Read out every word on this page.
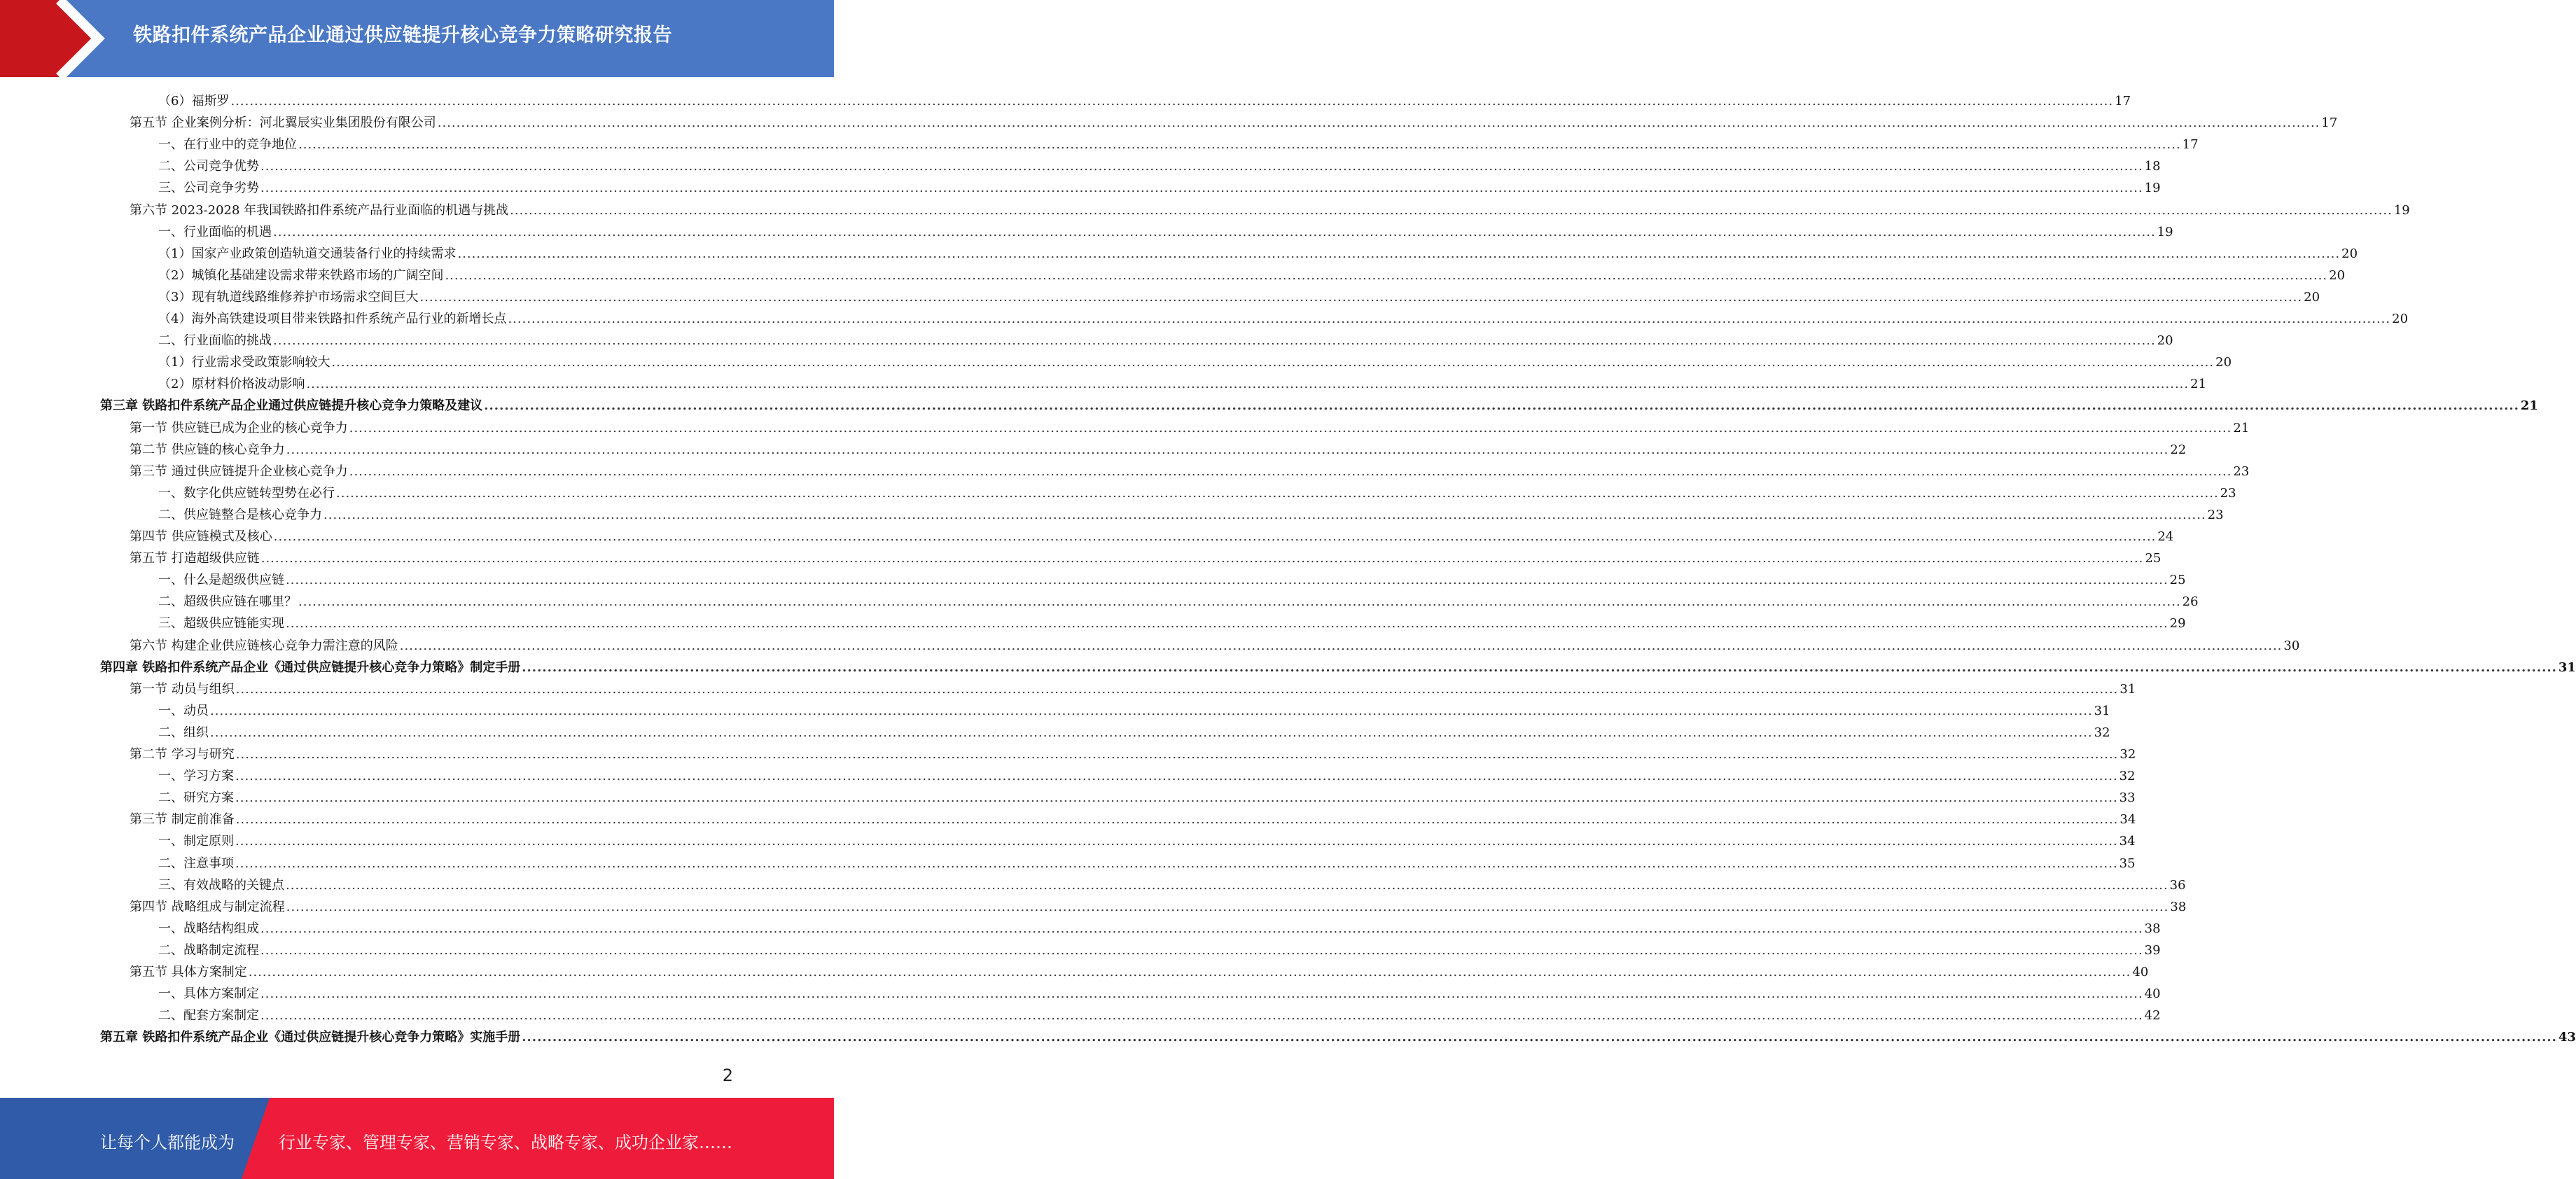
铁路扣件系统产品企业通过供应链提升核心竞争力策略研究报告
（6）福斯罗 ................................................................................................................................................................................................................................................................................................................................................................................................................ 17
第五节 企业案例分析：河北翼辰实业集团股份有限公司 ................................................................................................................................................................................................................................................................................................................................................................................................................ 17
一、在行业中的竞争地位 ................................................................................................................................................................................................................................................................................................................................................................................................................ 17
二、公司竞争优势 ................................................................................................................................................................................................................................................................................................................................................................................................................ 18
三、公司竞争劣势 ................................................................................................................................................................................................................................................................................................................................................................................................................ 19
第六节 2023-2028 年我国铁路扣件系统产品行业面临的机遇与挑战 ................................................................................................................................................................................................................................................................................................................................................................................................................ 19
一、行业面临的机遇 ................................................................................................................................................................................................................................................................................................................................................................................................................ 19
（1）国家产业政策创造轨道交通装备行业的持续需求 ................................................................................................................................................................................................................................................................................................................................................................................................................ 20
（2）城镇化基础建设需求带来铁路市场的广阔空间 ................................................................................................................................................................................................................................................................................................................................................................................................................ 20
（3）现有轨道线路维修养护市场需求空间巨大 ................................................................................................................................................................................................................................................................................................................................................................................................................ 20
（4）海外高铁建设项目带来铁路扣件系统产品行业的新增长点 ................................................................................................................................................................................................................................................................................................................................................................................................................ 20
二、行业面临的挑战 ................................................................................................................................................................................................................................................................................................................................................................................................................ 20
（1）行业需求受政策影响较大 ................................................................................................................................................................................................................................................................................................................................................................................................................ 20
（2）原材料价格波动影响 ................................................................................................................................................................................................................................................................................................................................................................................................................ 21
第三章 铁路扣件系统产品企业通过供应链提升核心竞争力策略及建议 ................................................................................................................................................................................................................................................................................................................................................................................................................ 21
第一节 供应链已成为企业的核心竞争力 ................................................................................................................................................................................................................................................................................................................................................................................................................ 21
第二节 供应链的核心竞争力 ................................................................................................................................................................................................................................................................................................................................................................................................................ 22
第三节 通过供应链提升企业核心竞争力 ................................................................................................................................................................................................................................................................................................................................................................................................................ 23
一、数字化供应链转型势在必行 ................................................................................................................................................................................................................................................................................................................................................................................................................ 23
二、供应链整合是核心竞争力 ................................................................................................................................................................................................................................................................................................................................................................................................................ 23
第四节 供应链模式及核心 ................................................................................................................................................................................................................................................................................................................................................................................................................ 24
第五节 打造超级供应链 ................................................................................................................................................................................................................................................................................................................................................................................................................ 25
一、什么是超级供应链 ................................................................................................................................................................................................................................................................................................................................................................................................................ 25
二、超级供应链在哪里？ ................................................................................................................................................................................................................................................................................................................................................................................................................ 26
三、超级供应链能实现 ................................................................................................................................................................................................................................................................................................................................................................................................................ 29
第六节 构建企业供应链核心竞争力需注意的风险 ................................................................................................................................................................................................................................................................................................................................................................................................................ 30
第四章 铁路扣件系统产品企业《通过供应链提升核心竞争力策略》制定手册 ................................................................................................................................................................................................................................................................................................................................................................................................................ 31
第一节 动员与组织 ................................................................................................................................................................................................................................................................................................................................................................................................................ 31
一、动员 ................................................................................................................................................................................................................................................................................................................................................................................................................ 31
二、组织 ................................................................................................................................................................................................................................................................................................................................................................................................................ 32
第二节 学习与研究 ................................................................................................................................................................................................................................................................................................................................................................................................................ 32
一、学习方案 ................................................................................................................................................................................................................................................................................................................................................................................................................ 32
二、研究方案 ................................................................................................................................................................................................................................................................................................................................................................................................................ 33
第三节 制定前准备 ................................................................................................................................................................................................................................................................................................................................................................................................................ 34
一、制定原则 ................................................................................................................................................................................................................................................................................................................................................................................................................ 34
二、注意事项 ................................................................................................................................................................................................................................................................................................................................................................................................................ 35
三、有效战略的关键点 ................................................................................................................................................................................................................................................................................................................................................................................................................ 36
第四节 战略组成与制定流程 ................................................................................................................................................................................................................................................................................................................................................................................................................ 38
一、战略结构组成 ................................................................................................................................................................................................................................................................................................................................................................................................................ 38
二、战略制定流程 ................................................................................................................................................................................................................................................................................................................................................................................................................ 39
第五节 具体方案制定 ................................................................................................................................................................................................................................................................................................................................................................................................................ 40
一、具体方案制定 ................................................................................................................................................................................................................................................................................................................................................................................................................ 40
二、配套方案制定 ................................................................................................................................................................................................................................................................................................................................................................................................................ 42
第五章 铁路扣件系统产品企业《通过供应链提升核心竞争力策略》实施手册 ................................................................................................................................................................................................................................................................................................................................................................................................................ 43
2
让每个人都能成为	行业专家、管理专家、营销专家、战略专家、成功企业家……
